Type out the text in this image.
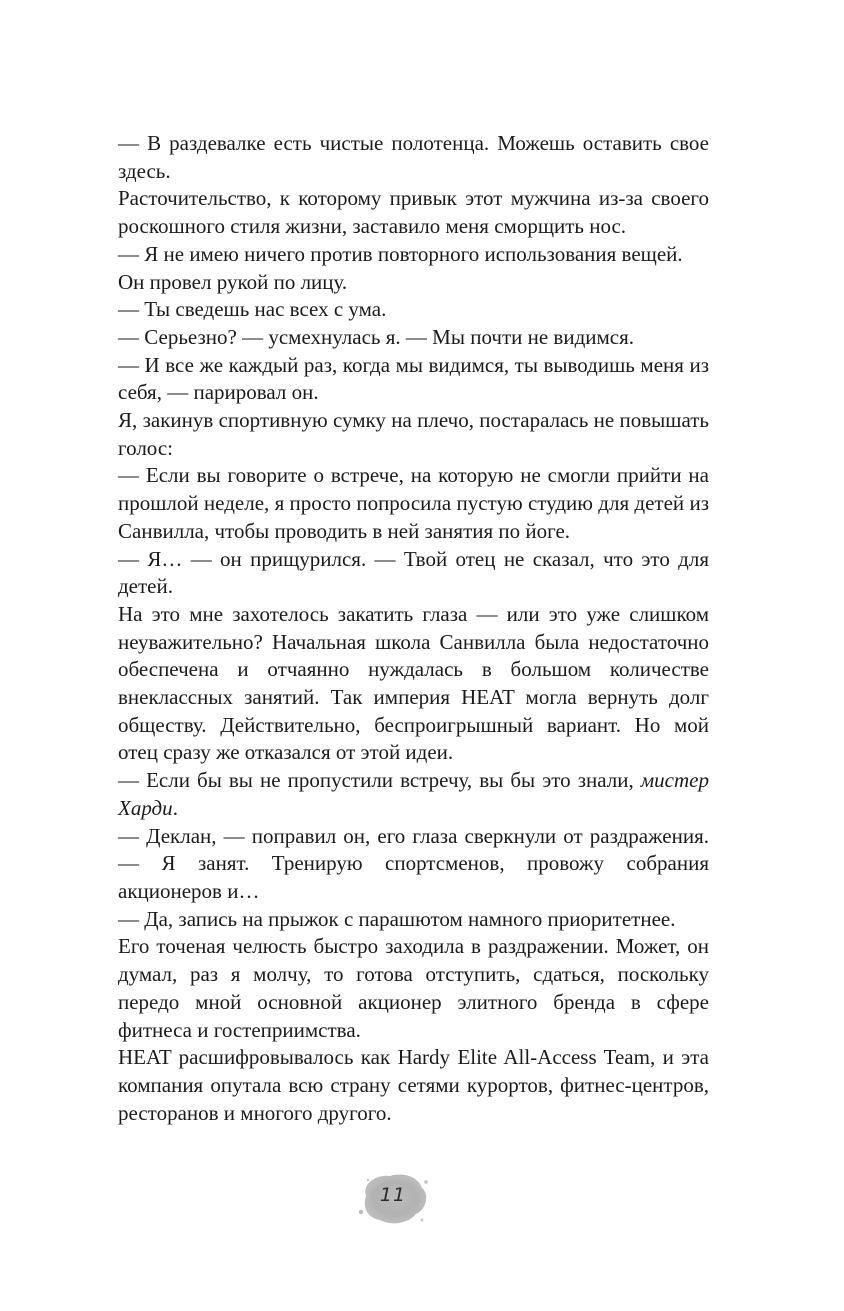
— В раздевалке есть чистые полотенца. Можешь оставить свое здесь.

Расточительство, к которому привык этот мужчина из-за своего роскошного стиля жизни, заставило меня сморщить нос.

— Я не имею ничего против повторного использования вещей.

Он провел рукой по лицу.

— Ты сведешь нас всех с ума.

— Серьезно? — усмехнулась я. — Мы почти не видимся.

— И все же каждый раз, когда мы видимся, ты выводишь меня из себя, — парировал он.

Я, закинув спортивную сумку на плечо, постаралась не повышать голос:

— Если вы говорите о встрече, на которую не смогли прийти на прошлой неделе, я просто попросила пустую студию для детей из Санвилла, чтобы проводить в ней занятия по йоге.

— Я… — он прищурился. — Твой отец не сказал, что это для детей.

На это мне захотелось закатить глаза — или это уже слишком неуважительно? Начальная школа Санвилла была недостаточно обеспечена и отчаянно нуждалась в большом количестве внеклассных занятий. Так империя HEAT могла вернуть долг обществу. Действительно, беспроигрышный вариант. Но мой отец сразу же отказался от этой идеи.

— Если бы вы не пропустили встречу, вы бы это знали, мистер Харди.

— Деклан, — поправил он, его глаза сверкнули от раздражения. — Я занят. Тренирую спортсменов, провожу собрания акционеров и…

— Да, запись на прыжок с парашютом намного приоритетнее.

Его точеная челюсть быстро заходила в раздражении. Может, он думал, раз я молчу, то готова отступить, сдаться, поскольку передо мной основной акционер элитного бренда в сфере фитнеса и гостеприимства.

HEAT расшифровывалось как Hardy Elite All-Access Team, и эта компания опутала всю страну сетями курортов, фитнес-центров, ресторанов и многого другого.

11
